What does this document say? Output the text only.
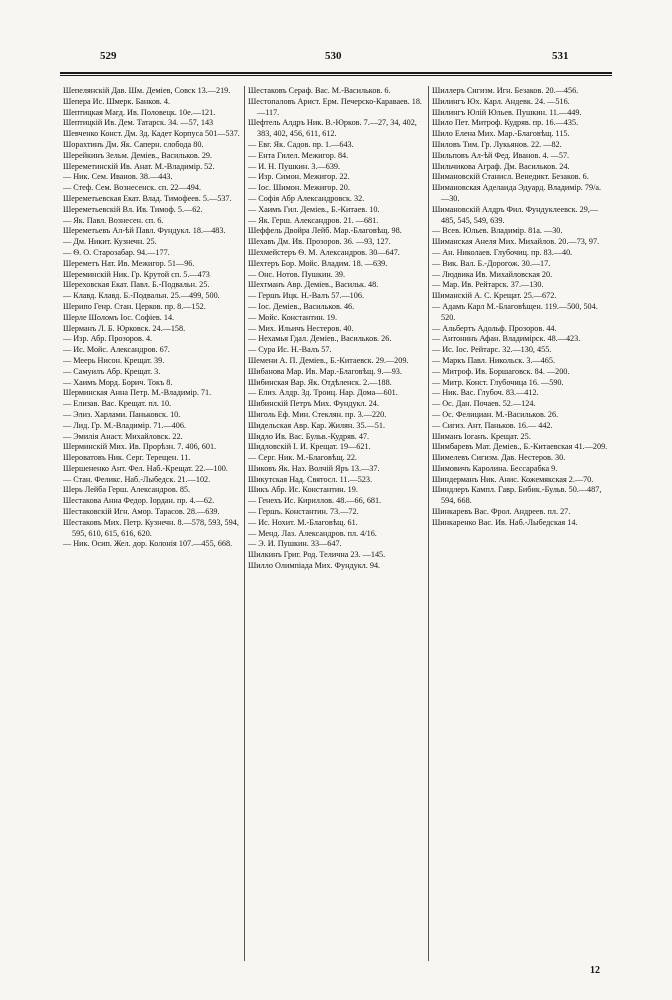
529	530	531
Шепелянскій Дав. Шм. Деміев, Совск 13.—219.
Шепера Ис. Шмерк. Банков. 4.
Шептицкая Магд. Ив. Половецк. 10е.—121.
Шептицкій Ив. Дем. Татарск. 34. —57, 143
Шевченко Конст. Дм. Зд. Кадет Корпуса 501—537.
Шорахтинъ Дм. Як. Саперн. слобода 80.
Шерейкинъ Зельм. Деміев., Васильков. 29.
Шереметинскій Ив. Анат. М.-Владимір. 52.
— Ник. Сем. Иванов. 38.—443.
— Стеф. Сем. Вознесенск. сп. 22—494.
Шереметьевская Екат. Влад. Тимофеев. 5.—537.
Шереметьевскій Вл. Ив. Тимоф. 5.—62.
— Як. Павл. Вознесен. сп. 6.
Шереметьевъ Ал-ѣй Павл. Фундукл. 18.—483.
— Дм. Никит. Кузнечн. 25.
— Ѳ. О. Старозабар. 94.—177.
Шереметъ Нат. Ив. Межигор. 51—96.
Шереминскій Ник. Гр. Крутой сп. 5.—473
Шереховская Екат. Павл. Б.-Подвальн. 25.
— Клавд. Клавд. Б.-Подвальн. 25.—499, 500.
Шерипо Генр. Стан. Церков. пр. 8.—152.
Шерле Шоломъ Іос. Софіев. 14.
Шерманъ Л. Б. Юрковск. 24.—158.
— Изр. Абр. Прозоров. 4.
— Ис. Мойс. Александров. 67.
— Меерь Нисон. Крещат. 39.
— Самуилъ Абр. Крещат. 3.
— Хаимъ Морд. Борич. Токъ 8.
Шерминская Анна Петр. М.-Владимір. 71.
— Елизав. Вас. Крещат. пл. 10.
— Элиз. Харлами. Паньковск. 10.
— Лид. Гр. М.-Владимір. 71.—406.
— Эмилія Анаст. Михайловск. 22.
Шерминскій Мих. Ив. Прорѣзн. 7. 406, 601.
Шероватовъ Ник. Серг. Терещен. 11.
Шершененко Ант. Фел. Наб.-Крещат. 22.—100.
— Стан. Феликс. Наб.-Лыбедск. 21.—102.
Шерь Лейба Герш. Александров. 85.
Шестакова Анна Федор. Іордан. пр. 4.—62.
Шестаковскій Игн. Амор. Тарасов. 28.—639.
Шестаковъ Мих. Петр. Кузнечн. 8.—578, 593, 594, 595, 610, 615, 616, 620.
— Ник. Осип. Жел. дор. Колонія 107.—455, 668.
Шестаковъ Сераф. Вас. М.-Васильков. 6.
Шестопаловъ Арист. Ерм. Печерско-Караваев. 18.—117.
Шефтель Алдръ Ник. В.-Юрков. 7.—27, 34, 402, 383, 402, 456, 611, 612.
— Евг. Як. Садов. пр. 1.—643.
— Ента Гилел. Межигор. 84.
— И. Н. Пушкин. 3.—639.
— Изр. Симон. Межигор. 22.
— Іос. Шимон. Межигор. 20.
— Софія Абр Александровск. 32.
— Хаимъ Гил. Деміев., Б.-Китаев. 10.
— Як. Герш. Александров. 21. —681.
Шеффель Двойра Лейб. Мар.-Благовѣщ. 98.
Шехавъ Дм. Ив. Прозоров. 36. —93, 127.
Шехмейстеръ Ѳ. М. Александров. 30—647.
Шехтеръ Бор. Мойс. Владим. 18. —639.
— Онс. Нотов. Пушкин. 39.
Шехтманъ Авр. Деміев., Васильк. 48.
— Гершъ Ицк. Н.-Валъ 57.—106.
— Іос. Деміев., Васильков. 46.
— Мойс. Константин. 19.
— Мих. Ильичъ Нестеров. 40.
— Нехамья Гдал. Деміев., Васильков. 26.
— Сура Ис. Н.-Валъ 57.
Шемени А. П. Деміев., Б.-Китаевск. 29.—209.
Шибанова Мар. Ив. Мар.-Благовѣщ. 9.—93.
Шибинская Вар. Як. Отдѣленск. 2.—188.
— Елиз. Алдр. Зд. Троиц. Нар. Дома—601.
Шибинскій Петръ Мих. Фундукл. 24.
Шиголь Еф. Мин. Стеклян. пр. 3.—220.
Шидельская Авр. Кар. Жилян. 35.—51.
Шидло Ив. Вас. Бульв.-Кудряв. 47.
Шидловскій І. И. Крещат. 19—621.
— Серг. Ник. М.-Благовѣщ. 22.
Шиковъ Як. Наз. Волчій Яръ 13.—37.
Шикутская Над. Святосл. 11.—523.
Шикъ Абр. Ис. Константин. 19.
— Генехъ Ис. Кириллов. 48.—66, 681.
— Гершъ. Константин. 73.—72.
— Ис. Нохит. М.-Благовѣщ. 61.
— Менд. Лаз. Александров. пл. 4/16.
— Э. И. Пушкин. 33—647.
Шилкинъ Григ. Род. Телична 23. —145.
Шилло Олимпіада Мих. Фундукл. 94.
Шиллеръ Сигизм. Игн. Безаков. 20.—456.
Шилингъ Юх. Карл. Андевк. 24. —516.
Шилингъ Юлій Юльев. Пушкин. 11.—449.
Шило Пет. Митроф. Кудряв. пр. 16.—435.
Шило Елена Мих. Мар.-Благовѣщ. 115.
Шиловъ Тим. Гр. Лукьянов. 22. —82.
Шильповъ Ал-ѣй Фед. Иванов. 4. —57.
Шильчикова Аграф. Дм. Васильков. 24.
Шимановскій Станисл. Венедикт. Безаков. 6.
Шимановская Аделаида Эдуард. Владимір. 79/а.—30.
Шимановскій Алдръ Фил. Фундуклеевск. 29,—485, 545, 549, 639.
— Всев. Юльев. Владимір. 81а. —30.
Шиманская Анеля Мих. Михайлов. 20.—73, 97.
— Ан. Николаев. Глубочиц. пр. 83.—40.
— Вик. Вал. Б.-Дорогож. 30.—17.
— Людвика Ив. Михайловская 20.
— Мар. Ив. Рейтарск. 37.—130.
Шиманскій А. С. Крещат. 25.—672.
— Адамъ Карл М.-Благовѣщен. 119.—500, 504. 520.
— Альбертъ Адольф. Прозоров. 44.
— Антонинъ Афан. Владимірск. 48.—423.
— Ис. Іос. Рейтарс. 32.—130, 455.
— Маркъ Павл. Никольск. 3.—465.
— Митроф. Ив. Боршаговск. 84. —200.
— Митр. Конст. Глубочица 16. —590.
— Ник. Вас. Глубоч. 83.—412.
— Ос. Дан. Почаев. 52.—124.
— Ос. Фелициан. М.-Васильков. 26.
— Сигиз. Ант. Паньков. 16.— 442.
Шиманъ Іоганъ. Крещат. 25.
Шимбаревъ Мат. Деміев., Б.-Китаевская 41.—209.
Шимелевъ Сигизм. Дав. Нестеров. 30.
Шимовичъ Каролина. Бессарабка 9.
Шиндерманъ Ник. Анис. Кожемякская 2.—70.
Шиндлеръ Кампл. Гавр. Бибик.-Бульв. 50.—487, 594, 668.
Шинкаревъ Вас. Фрол. Андреев. пл. 27.
Шинкаренко Вас. Ив. Наб.-Лыбедская 14.
12
